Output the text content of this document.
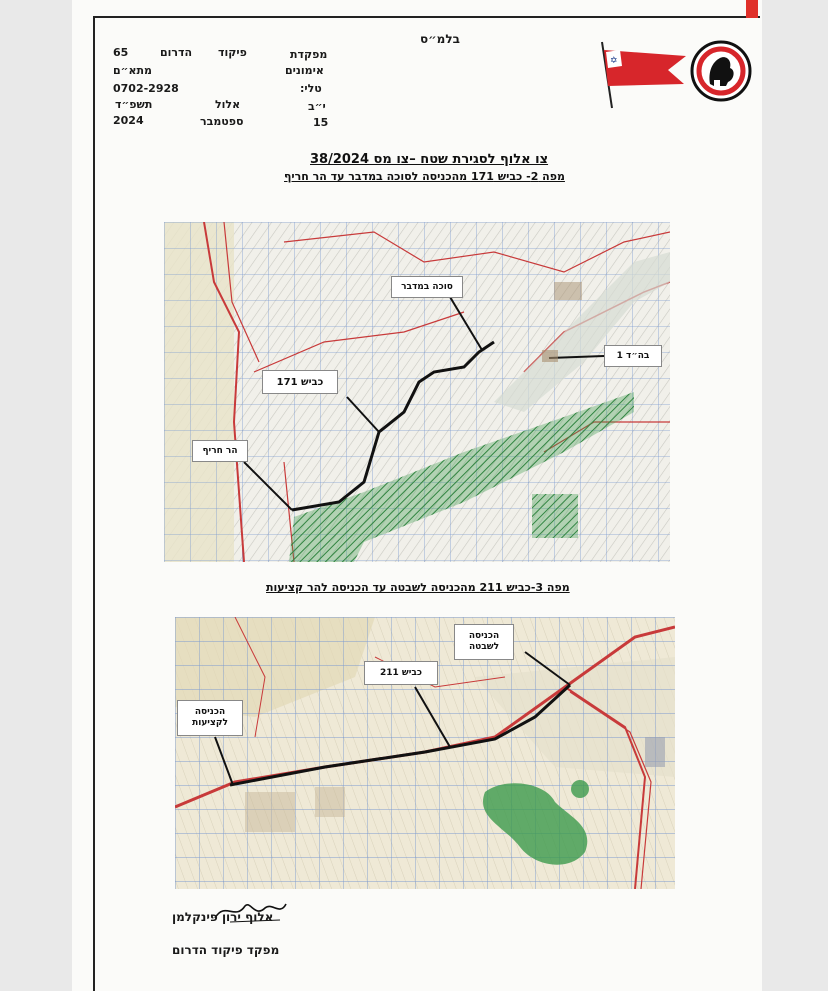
בלמ״ס
מפקדת
פיקוד
הדרום
65
אימונים
מתא״ם
טלי:
0702-2928
י״ב
אלול
תשפ״ד
15
ספטמבר
2024
✡
צו אלוף לסגירת שטח –צו מס 38/2024
מפה 2- כביש 171 מהכניסה לסוכה במדבר עד הר חריף
סוכה במדבר
בה״ד 1
כביש 171
הר חריף
מפה 3-כביש 211 מהכניסה לשבטה עד הכניסה להר קציעות
הכניסה לשבטה
כביש 211
הכניסה לקציעות
אלוף ירון פינקלמן
מפקד פיקוד הדרום
